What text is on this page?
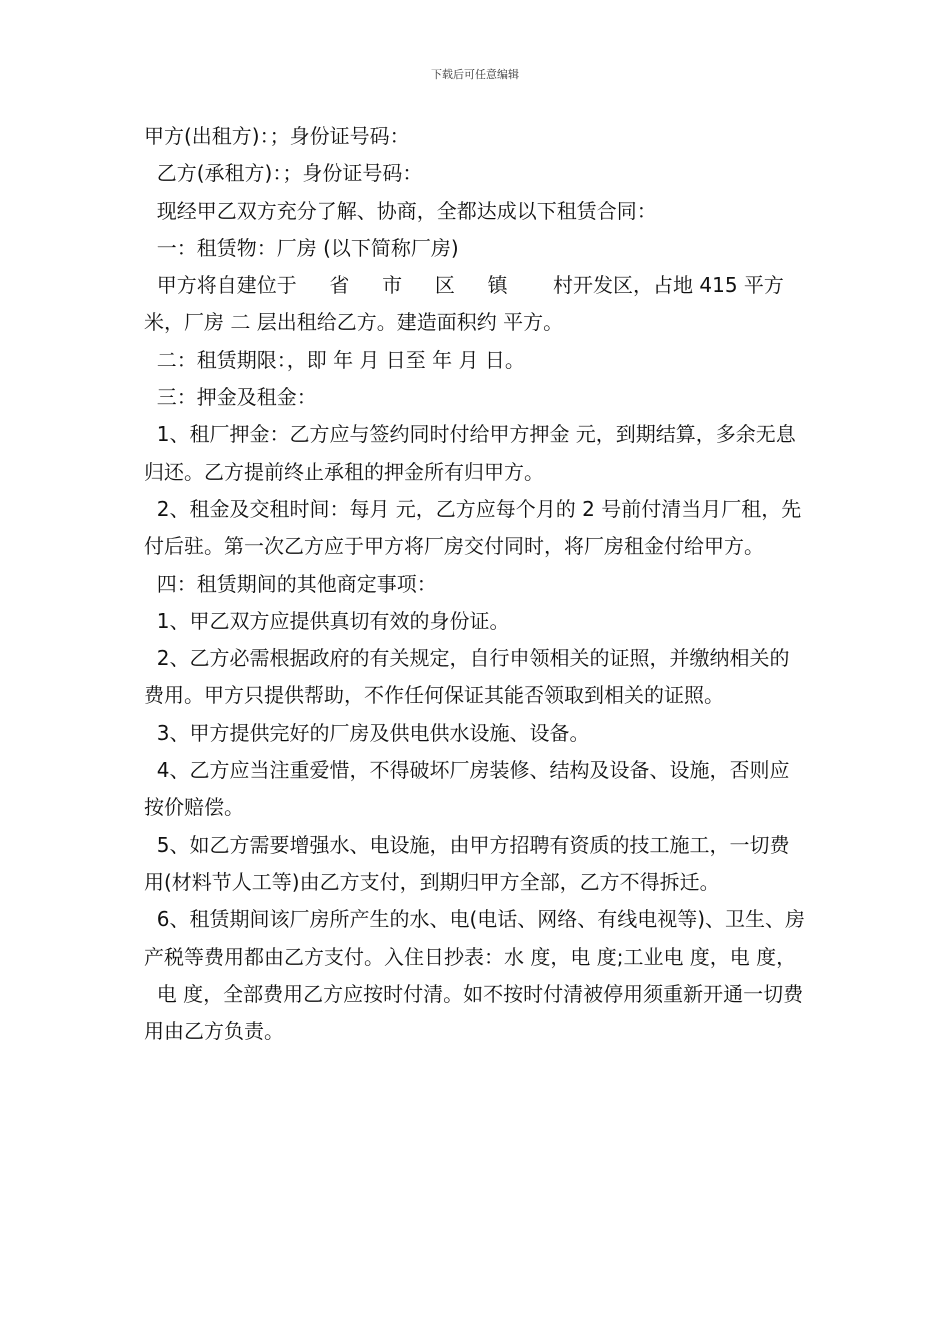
下载后可任意编辑

甲方(出租方)：；身份证号码：

乙方(承租方)：；身份证号码：

现经甲乙双方充分了解、协商，全都达成以下租赁合同：

一：租赁物：厂房 (以下简称厂房)

甲方将自建位于　  省　  市　  区　  镇　    村开发区，占地 415 平方米，厂房 二 层出租给乙方。建造面积约 平方。

二：租赁期限：，即 年 月 日至 年 月 日。

三：押金及租金：

1、租厂押金：乙方应与签约同时付给甲方押金 元，到期结算，多余无息归还。乙方提前终止承租的押金所有归甲方。

2、租金及交租时间：每月 元，乙方应每个月的 2 号前付清当月厂租，先付后驻。第一次乙方应于甲方将厂房交付同时，将厂房租金付给甲方。

四：租赁期间的其他商定事项：

1、甲乙双方应提供真切有效的身份证。

2、乙方必需根据政府的有关规定，自行申领相关的证照，并缴纳相关的费用。甲方只提供帮助，不作任何保证其能否领取到相关的证照。

3、甲方提供完好的厂房及供电供水设施、设备。

4、乙方应当注重爱惜，不得破坏厂房装修、结构及设备、设施，否则应按价赔偿。

5、如乙方需要增强水、电设施，由甲方招聘有资质的技工施工，一切费用(材料节人工等)由乙方支付，到期归甲方全部，乙方不得拆迁。

6、租赁期间该厂房所产生的水、电(电话、网络、有线电视等)、卫生、房产税等费用都由乙方支付。入住日抄表：水 度，电 度;工业电 度，电 度，

电 度，全部费用乙方应按时付清。如不按时付清被停用须重新开通一切费用由乙方负责。
